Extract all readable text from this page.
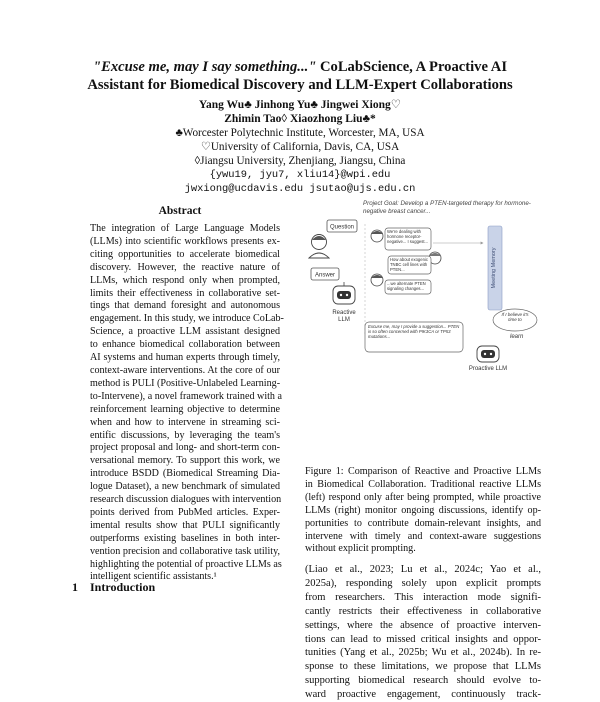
"Excuse me, may I say something..." CoLabScience, A Proactive AI
Assistant for Biomedical Discovery and LLM-Expert Collaborations
Yang Wu♣ Jinhong Yu♣ Jingwei Xiong♡
Zhimin Tao◊ Xiaozhong Liu♣*
♣Worcester Polytechnic Institute, Worcester, MA, USA
♡University of California, Davis, CA, USA
◊Jiangsu University, Zhenjiang, Jiangsu, China
{ywu19, jyu7, xliu14}@wpi.edu
jwxiong@ucdavis.edu jsutao@ujs.edu.cn
Abstract
The integration of Large Language Models
(LLMs) into scientific workflows presents ex-
citing opportunities to accelerate biomedical
discovery. However, the reactive nature of
LLMs, which respond only when prompted,
limits their effectiveness in collaborative set-
tings that demand foresight and autonomous
engagement. In this study, we introduce CoLab-
Science, a proactive LLM assistant designed
to enhance biomedical collaboration between
AI systems and human experts through timely,
context-aware interventions. At the core of our
method is PULI (Positive-Unlabeled Learning-
to-Intervene), a novel framework trained with a
reinforcement learning objective to determine
when and how to intervene in streaming sci-
entific discussions, by leveraging the team's
project proposal and long- and short-term con-
versational memory. To support this work, we
introduce BSDD (Biomedical Streaming Dia-
logue Dataset), a new benchmark of simulated
research discussion dialogues with intervention
points derived from PubMed articles. Exper-
imental results show that PULI significantly
outperforms existing baselines in both inter-
vention precision and collaborative task utility,
highlighting the potential of proactive LLMs as
intelligent scientific assistants.¹
1 Introduction
Project Goal: Develop a PTEN-targeted therapy for hormone-negative breast cancer...
Question
Answer
Reactive
LLM
We're dealing with hormone receptor-negative... I suggest...
How about exogenic TNBC cell lines with PTEN...
...we alternate PTEN signaling changes...
Meeting Memory
If I believe it's time to
learn
Excuse me, may I provide a suggestion... PTEN is so often concerned with PIK3CA or TP53 mutations...
Proactive LLM
Figure 1: Comparison of Reactive and Proactive LLMs
in Biomedical Collaboration. Traditional reactive LLMs
(left) respond only after being prompted, while proactive
LLMs (right) monitor ongoing discussions, identify op-
portunities to contribute domain-relevant insights, and
intervene with timely and context-aware suggestions
without explicit prompting.
(Liao et al., 2023; Lu et al., 2024c; Yao et al.,
2025a), responding solely upon explicit prompts
from researchers. This interaction mode signifi-
cantly restricts their effectiveness in collaborative
settings, where the absence of proactive interven-
tions can lead to missed critical insights and oppor-
tunities (Yang et al., 2025b; Wu et al., 2024b). In re-
sponse to these limitations, we propose that LLMs
supporting biomedical research should evolve to-
ward proactive engagement, continuously track-
